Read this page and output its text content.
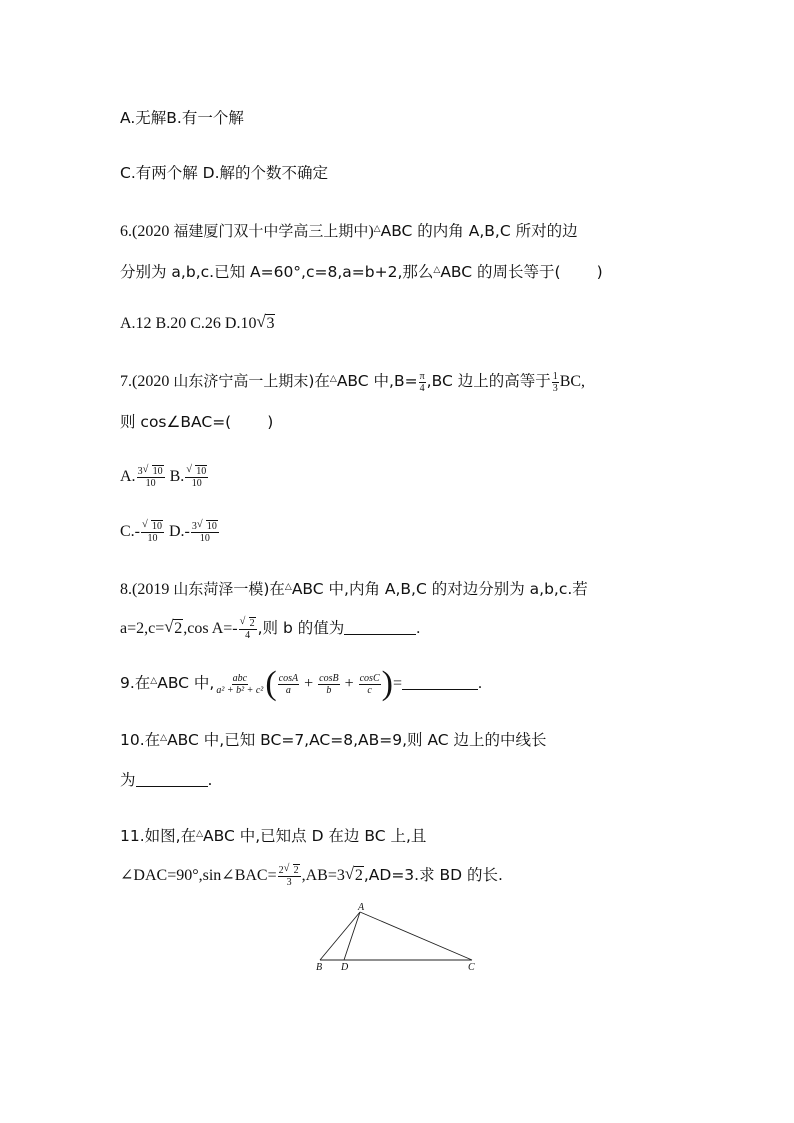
A.无解B.有一个解
C.有两个解 D.解的个数不确定
6.(2020 福建厦门双十中学高三上期中)△ABC 的内角 A,B,C 所对的边
分别为 a,b,c.已知 A=60°,c=8,a=b+2,那么△ABC 的周长等于( )
A.12 B.20 C.26 D.10√ 3
7.(2020 山东济宁高一上期末)在△ABC 中$,B= \frac{\pi}{4} ,BC$ 边上的高等于 $\frac{1}{3}$ BC,
则 cos∠BAC=( )
A. $\frac{3√ 10}{10} B$.
√ $\frac{10}{10}$
C.-
√ $\frac{10}{10} D.- \frac{3√ 10}{10}$
8.(2019 山东菏泽一模)在△ABC 中,内角 A,B,C 的对边分别为 a,b,c.若
a=2,c=√ 2,cos A=-
√ $\frac{2}{4}$ ,则 b 的值为	.
9.在△ABC 中, $\frac{\text{abc}}{\text{a² + b² + c²}}$ ( $\frac{\cos A}{a} + \frac{\cos B}{b} + \frac{\cos C}{c}$ )=	.
10.在△ABC 中,已知 BC=7,AC=8,AB=9,则 AC 边上的中线长
为	.
11.如图,在△ABC 中,已知点 D 在边 BC 上,且
∠DAC=90°,sin∠BAC= $\frac{2√ 2}{3} ,AB=3√$ 2,AD=3.求 BD 的长.
A
B D	C
